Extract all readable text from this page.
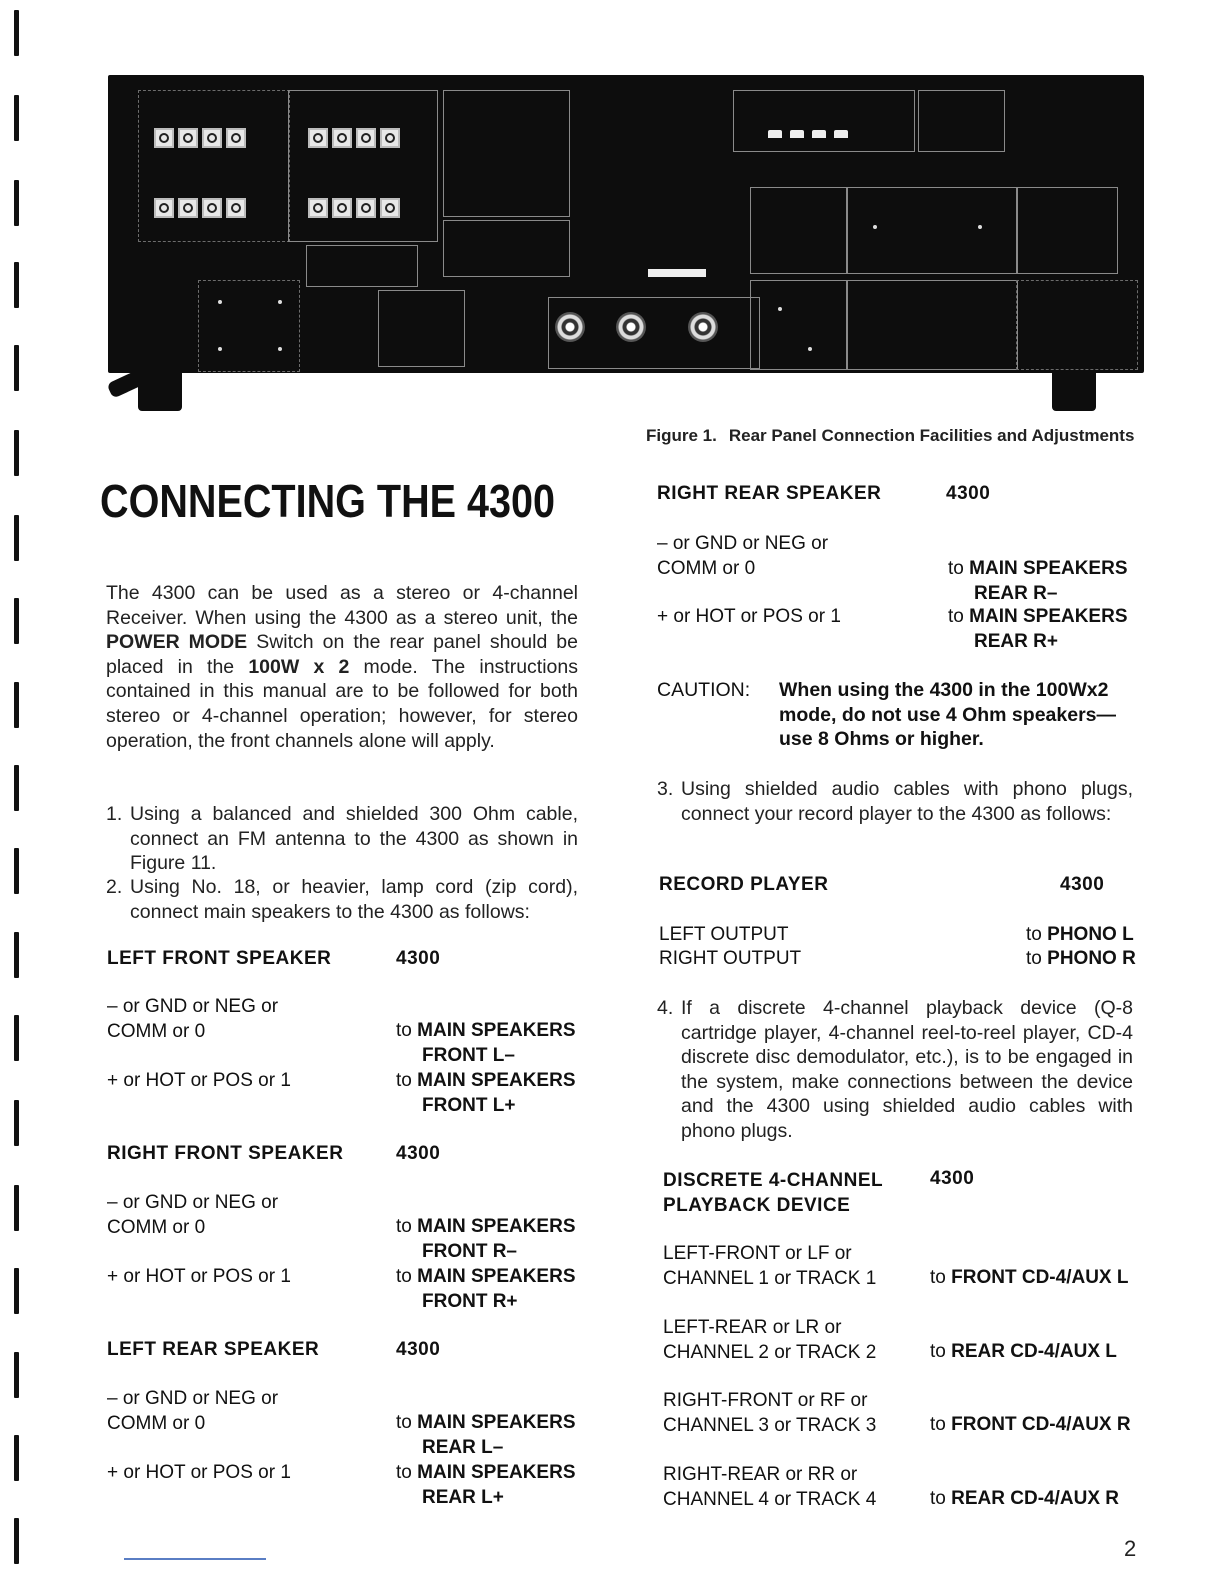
Figure 1. Rear Panel Connection Facilities and Adjustments
CONNECTING THE 4300

The 4300 can be used as a stereo or 4-channel Receiver. When using the 4300 as a stereo unit, the POWER MODE Switch on the rear panel should be placed in the 100W x 2 mode. The instructions contained in this manual are to be followed for both stereo or 4-channel operation; however, for stereo operation, the front channels alone will apply.

1. Using a balanced and shielded 300 Ohm cable, connect an FM antenna to the 4300 as shown in Figure 11.
2. Using No. 18, or heavier, lamp cord (zip cord), connect main speakers to the 4300 as follows:
LEFT FRONT SPEAKER	4300
– or GND or NEG or
COMM or 0	to MAIN SPEAKERS
FRONT L–
+ or HOT or POS or 1	to MAIN SPEAKERS
FRONT L+
RIGHT FRONT SPEAKER	4300
– or GND or NEG or
COMM or 0	to MAIN SPEAKERS
FRONT R–
+ or HOT or POS or 1	to MAIN SPEAKERS
FRONT R+
LEFT REAR SPEAKER	4300
– or GND or NEG or
COMM or 0	to MAIN SPEAKERS
REAR L–
+ or HOT or POS or 1	to MAIN SPEAKERS
REAR L+
RIGHT REAR SPEAKER	4300
– or GND or NEG or
COMM or 0	to MAIN SPEAKERS
REAR R–
+ or HOT or POS or 1	to MAIN SPEAKERS
REAR R+
CAUTION: When using the 4300 in the 100Wx2 mode, do not use 4 Ohm speakers—use 8 Ohms or higher.
3. Using shielded audio cables with phono plugs, connect your record player to the 4300 as follows:
RECORD PLAYER	4300
LEFT OUTPUT	to PHONO L
RIGHT OUTPUT	to PHONO R
4. If a discrete 4-channel playback device (Q-8 cartridge player, 4-channel reel-to-reel player, CD-4 discrete disc demodulator, etc.), is to be engaged in the system, make connections between the device and the 4300 using shielded audio cables with phono plugs.
DISCRETE 4-CHANNEL
PLAYBACK DEVICE
4300
LEFT-FRONT or LF or
CHANNEL 1 or TRACK 1	to FRONT CD-4/AUX L
LEFT-REAR or LR or
CHANNEL 2 or TRACK 2	to REAR CD-4/AUX L
RIGHT-FRONT or RF or
CHANNEL 3 or TRACK 3	to FRONT CD-4/AUX R
RIGHT-REAR or RR or
CHANNEL 4 or TRACK 4	to REAR CD-4/AUX R
2
